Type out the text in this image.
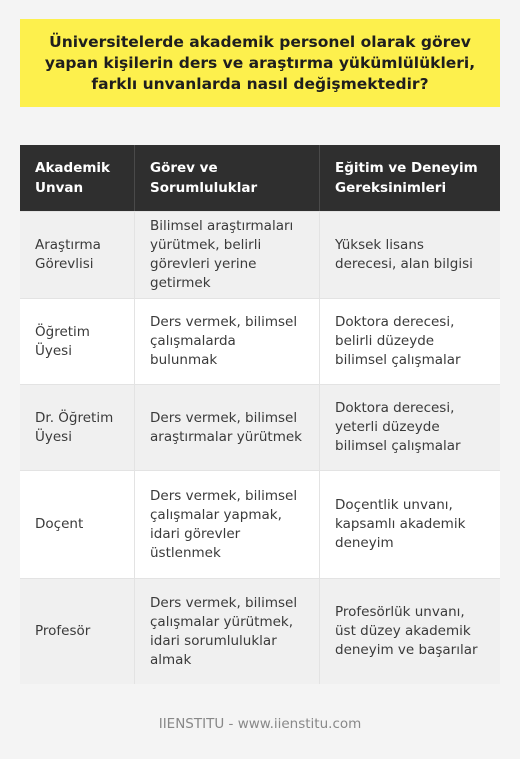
Üniversitelerde akademik personel olarak görev yapan kişilerin ders ve araştırma yükümlülükleri, farklı unvanlarda nasıl değişmektedir?
Akademik Unvan
Görev ve Sorumluluklar
Eğitim ve Deneyim Gereksinimleri
Araştırma Görevlisi
Bilimsel araştırmaları yürütmek, belirli görevleri yerine getirmek
Yüksek lisans derecesi, alan bilgisi
Öğretim Üyesi
Ders vermek, bilimsel çalışmalarda bulunmak
Doktora derecesi, belirli düzeyde bilimsel çalışmalar
Dr. Öğretim Üyesi
Ders vermek, bilimsel araştırmalar yürütmek
Doktora derecesi, yeterli düzeyde bilimsel çalışmalar
Doçent
Ders vermek, bilimsel çalışmalar yapmak, idari görevler üstlenmek
Doçentlik unvanı, kapsamlı akademik deneyim
Profesör
Ders vermek, bilimsel çalışmalar yürütmek, idari sorumluluklar almak
Profesörlük unvanı, üst düzey akademik deneyim ve başarılar
IIENSTITU - www.iienstitu.com
